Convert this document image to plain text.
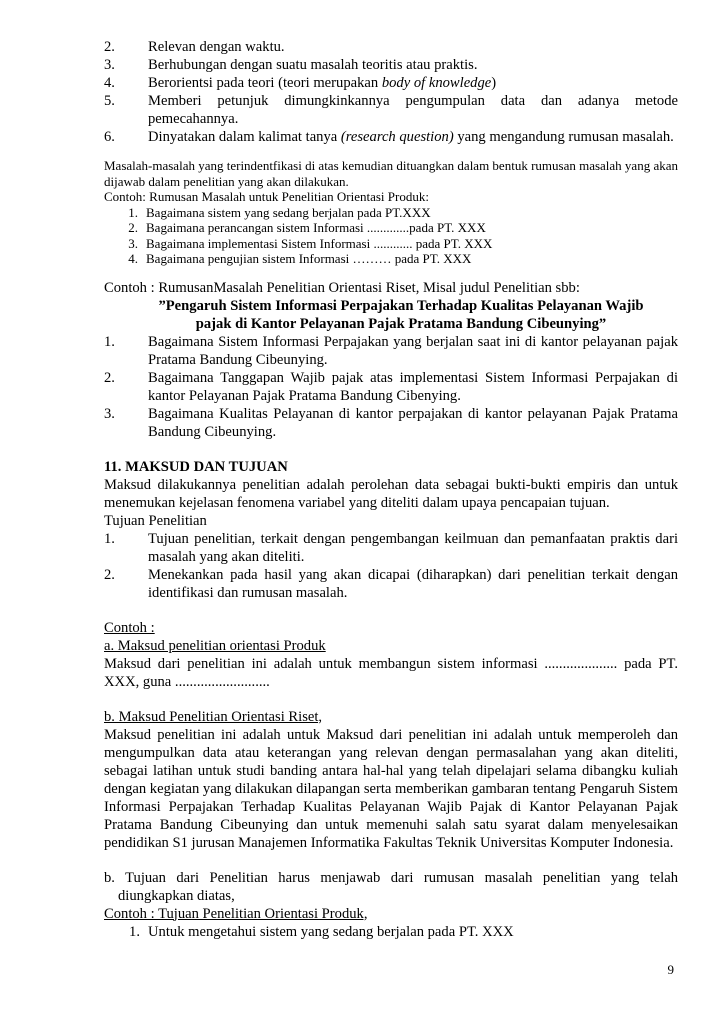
2.	Relevan dengan waktu.
3.	Berhubungan dengan suatu masalah teoritis atau praktis.
4.	Berorientsi pada teori (teori merupakan body of knowledge)
5.	Memberi petunjuk dimungkinkannya pengumpulan data dan adanya metode pemecahannya.
6.	Dinyatakan dalam kalimat tanya (research question) yang mengandung rumusan masalah.
Masalah-masalah yang terindentfikasi di atas kemudian dituangkan dalam bentuk rumusan masalah yang akan dijawab dalam penelitian yang akan dilakukan.
Contoh: Rumusan Masalah untuk Penelitian Orientasi Produk:
1. Bagaimana sistem yang sedang berjalan pada PT.XXX
2. Bagaimana perancangan sistem Informasi .............pada PT. XXX
3. Bagaimana implementasi Sistem Informasi ............ pada PT. XXX
4. Bagaimana pengujian sistem Informasi ……… pada PT. XXX
Contoh : RumusanMasalah Penelitian Orientasi Riset, Misal judul Penelitian sbb:
”Pengaruh Sistem Informasi Perpajakan Terhadap Kualitas Pelayanan Wajib
pajak di Kantor Pelayanan Pajak Pratama Bandung Cibeunying”
1.	Bagaimana Sistem Informasi Perpajakan yang berjalan saat ini di kantor pelayanan pajak Pratama Bandung Cibeunying.
2.	Bagaimana Tanggapan Wajib pajak atas implementasi Sistem Informasi Perpajakan di kantor Pelayanan Pajak Pratama Bandung Cibenying.
3.	Bagaimana Kualitas Pelayanan di kantor perpajakan di kantor pelayanan Pajak Pratama Bandung Cibeunying.
11. MAKSUD DAN TUJUAN
Maksud dilakukannya penelitian adalah perolehan data sebagai bukti-bukti empiris dan untuk menemukan kejelasan fenomena variabel yang diteliti dalam upaya pencapaian tujuan.
Tujuan Penelitian
1.	Tujuan penelitian, terkait dengan pengembangan keilmuan dan pemanfaatan praktis dari masalah yang akan diteliti.
2.	Menekankan pada hasil yang akan dicapai (diharapkan) dari penelitian terkait dengan identifikasi dan rumusan masalah.
Contoh :
a. Maksud penelitian orientasi Produk
Maksud dari penelitian ini adalah untuk membangun sistem informasi .................... pada PT. XXX, guna ..........................
b. Maksud Penelitian Orientasi Riset,
Maksud penelitian ini adalah untuk Maksud dari penelitian ini adalah untuk memperoleh dan mengumpulkan data atau keterangan yang relevan dengan permasalahan yang akan diteliti, sebagai latihan untuk studi banding antara hal-hal yang telah dipelajari selama dibangku kuliah dengan kegiatan yang dilakukan dilapangan serta memberikan gambaran tentang Pengaruh Sistem Informasi Perpajakan Terhadap Kualitas Pelayanan Wajib Pajak di Kantor Pelayanan Pajak Pratama Bandung Cibeunying dan untuk memenuhi salah satu syarat dalam menyelesaikan pendidikan S1 jurusan Manajemen Informatika Fakultas Teknik Universitas Komputer Indonesia.
b. Tujuan dari Penelitian harus menjawab dari rumusan masalah penelitian yang telah diungkapkan diatas,
Contoh : Tujuan Penelitian Orientasi Produk,
1. Untuk mengetahui sistem yang sedang berjalan pada PT. XXX
9
